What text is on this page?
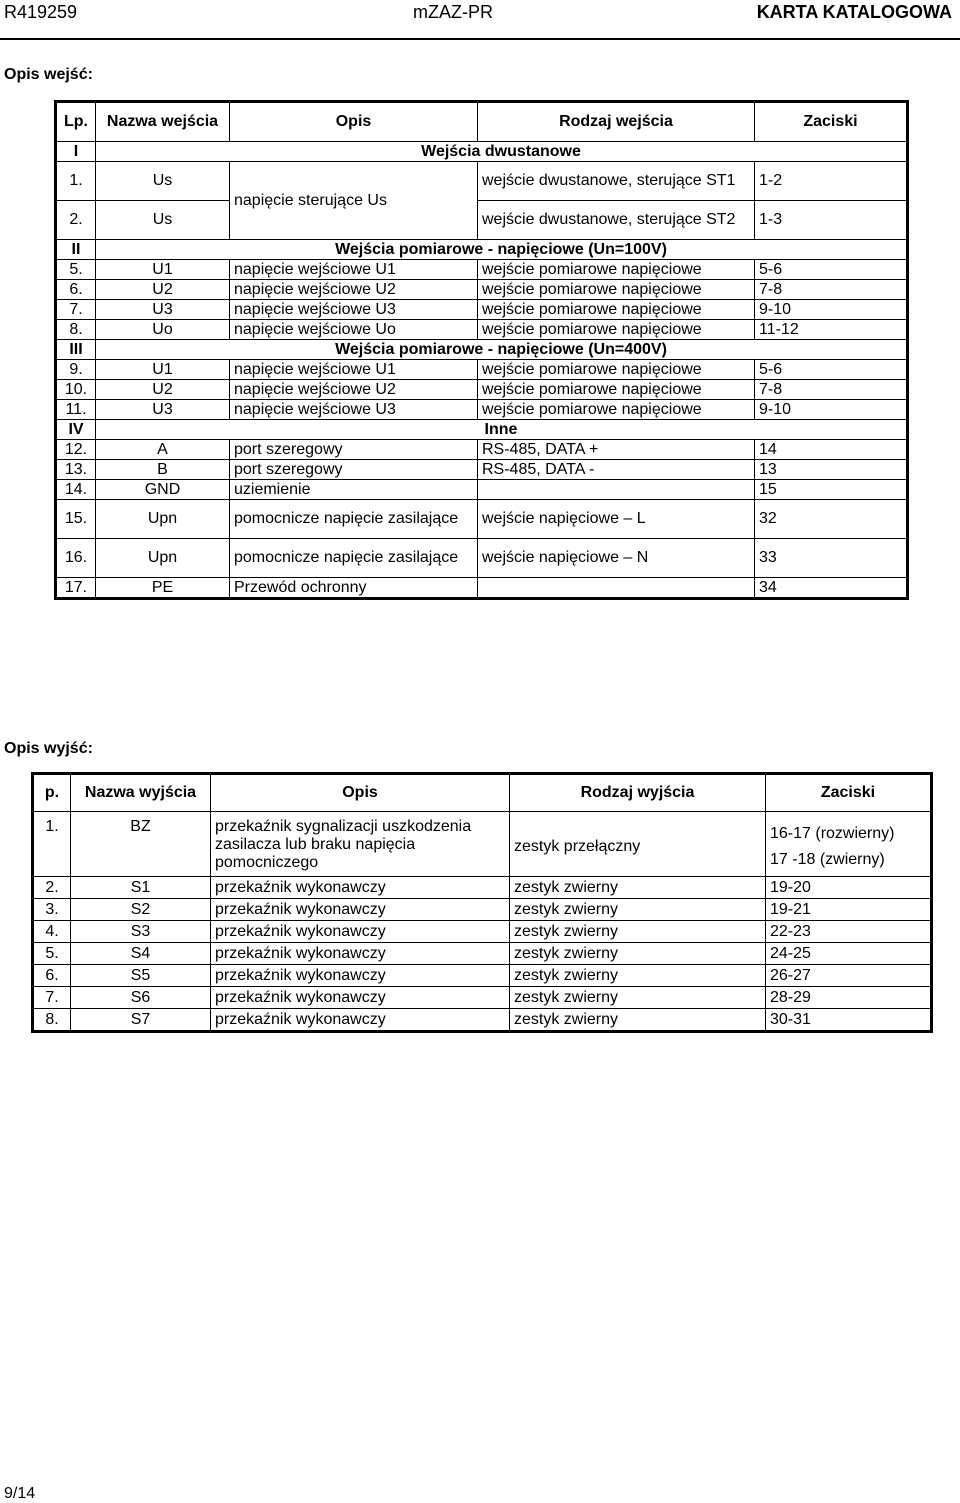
R419259	mZAZ-PR	KARTA KATALOGOWA
Opis wejść:
Lp.	Nazwa wejścia	Opis	Rodzaj wejścia	Zaciski
I	Wejścia dwustanowe			
1.	Us	napięcie sterujące Us	wejście dwustanowe, sterujące ST1	1-2
2.	Us		wejście dwustanowe, sterujące ST2	1-3
II	Wejścia pomiarowe - napięciowe (Un=100V)			
5.	U1	napięcie wejściowe U1	wejście pomiarowe napięciowe	5-6
6.	U2	napięcie wejściowe U2	wejście pomiarowe napięciowe	7-8
7.	U3	napięcie wejściowe U3	wejście pomiarowe napięciowe	9-10
8.	Uo	napięcie wejściowe Uo	wejście pomiarowe napięciowe	11-12
III	Wejścia pomiarowe - napięciowe (Un=400V)			
9.	U1	napięcie wejściowe U1	wejście pomiarowe napięciowe	5-6
10.	U2	napięcie wejściowe U2	wejście pomiarowe napięciowe	7-8
11.	U3	napięcie wejściowe U3	wejście pomiarowe napięciowe	9-10
IV	Inne			
12.	A	port szeregowy	RS-485, DATA +	14
13.	B	port szeregowy	RS-485, DATA -	13
14.	GND	uziemienie		15
15.	Upn	pomocnicze napięcie zasilające	wejście napięciowe – L	32
16.	Upn	pomocnicze napięcie zasilające	wejście napięciowe – N	33
17.	PE	Przewód ochronny		34
Opis wyjść:
p.	Nazwa wyjścia	Opis	Rodzaj wyjścia	Zaciski
1.	BZ	przekaźnik sygnalizacji uszkodzenia zasilacza lub braku napięcia pomocniczego	zestyk przełączny	16-17 (rozwierny)
17 -18 (zwierny)

2.	S1	przekaźnik wykonawczy	zestyk zwierny	19-20
3.	S2	przekaźnik wykonawczy	zestyk zwierny	19-21
4.	S3	przekaźnik wykonawczy	zestyk zwierny	22-23
5.	S4	przekaźnik wykonawczy	zestyk zwierny	24-25
6.	S5	przekaźnik wykonawczy	zestyk zwierny	26-27
7.	S6	przekaźnik wykonawczy	zestyk zwierny	28-29
8.	S7	przekaźnik wykonawczy	zestyk zwierny	30-31
9/14
